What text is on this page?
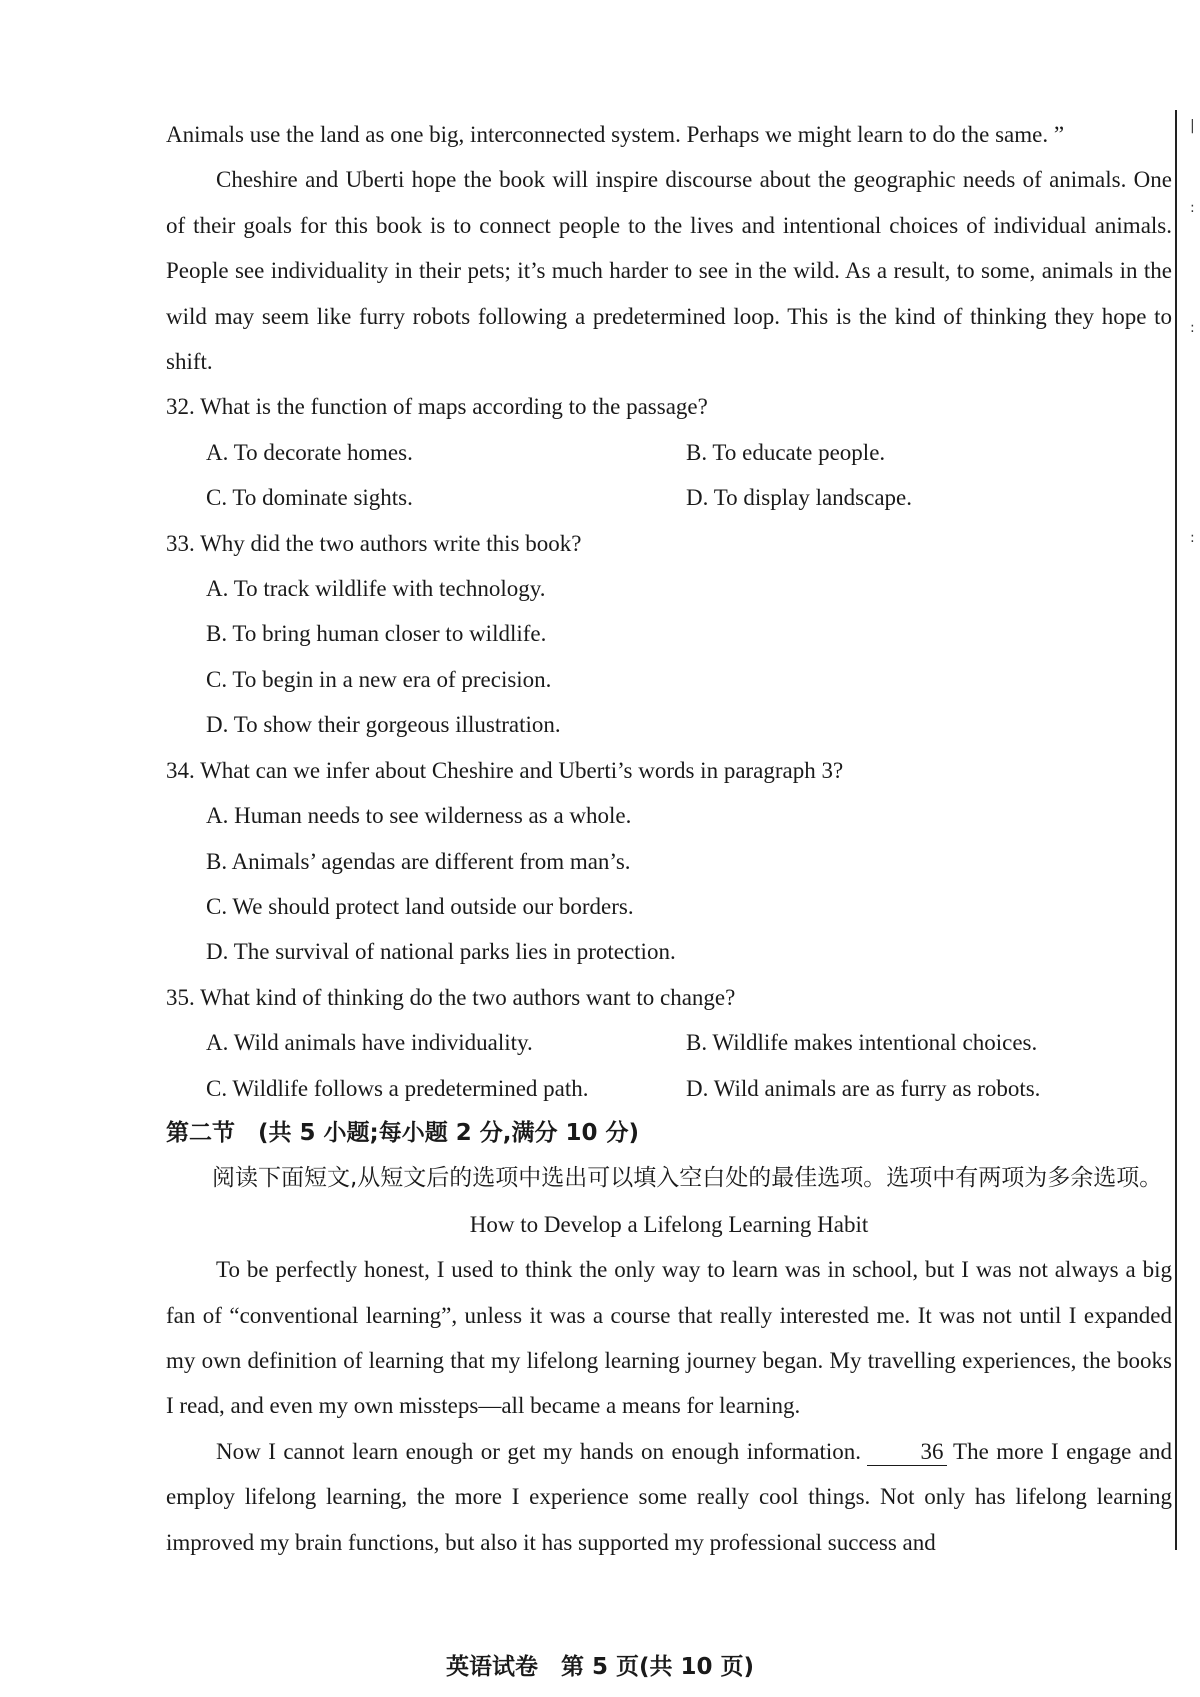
|
:
:
:

Animals use the land as one big, interconnected system. Perhaps we might learn to do the same. ”

Cheshire and Uberti hope the book will inspire discourse about the geographic needs of animals. One of their goals for this book is to connect people to the lives and intentional choices of individual animals. People see individuality in their pets; it’s much harder to see in the wild. As a result, to some, animals in the wild may seem like furry robots following a predetermined loop. This is the kind of thinking they hope to shift.

32. What is the function of maps according to the passage?

A. To decorate homes.	B. To educate people.
C. To dominate sights.	D. To display landscape.

33. Why did the two authors write this book?

A. To track wildlife with technology.

B. To bring human closer to wildlife.

C. To begin in a new era of precision.

D. To show their gorgeous illustration.

34. What can we infer about Cheshire and Uberti’s words in paragraph 3?

A. Human needs to see wilderness as a whole.

B. Animals’ agendas are different from man’s.

C. We should protect land outside our borders.

D. The survival of national parks lies in protection.

35. What kind of thinking do the two authors want to change?

A. Wild animals have individuality.	B. Wildlife makes intentional choices.
C. Wildlife follows a predetermined path.	D. Wild animals are as furry as robots.

第二节　(共 5 小题;每小题 2 分,满分 10 分)

阅读下面短文,从短文后的选项中选出可以填入空白处的最佳选项。选项中有两项为多余选项。

How to Develop a Lifelong Learning Habit

To be perfectly honest, I used to think the only way to learn was in school, but I was not always a big fan of “conventional learning”, unless it was a course that really interested me. It was not until I expanded my own definition of learning that my lifelong learning journey began. My travelling experiences, the books I read, and even my own missteps—all became a means for learning.

Now I cannot learn enough or get my hands on enough information.	36 The more I engage and employ lifelong learning, the more I experience some really cool things. Not only has lifelong learning improved my brain functions, but also it has supported my professional success and

英语试卷　第 5 页(共 10 页)
